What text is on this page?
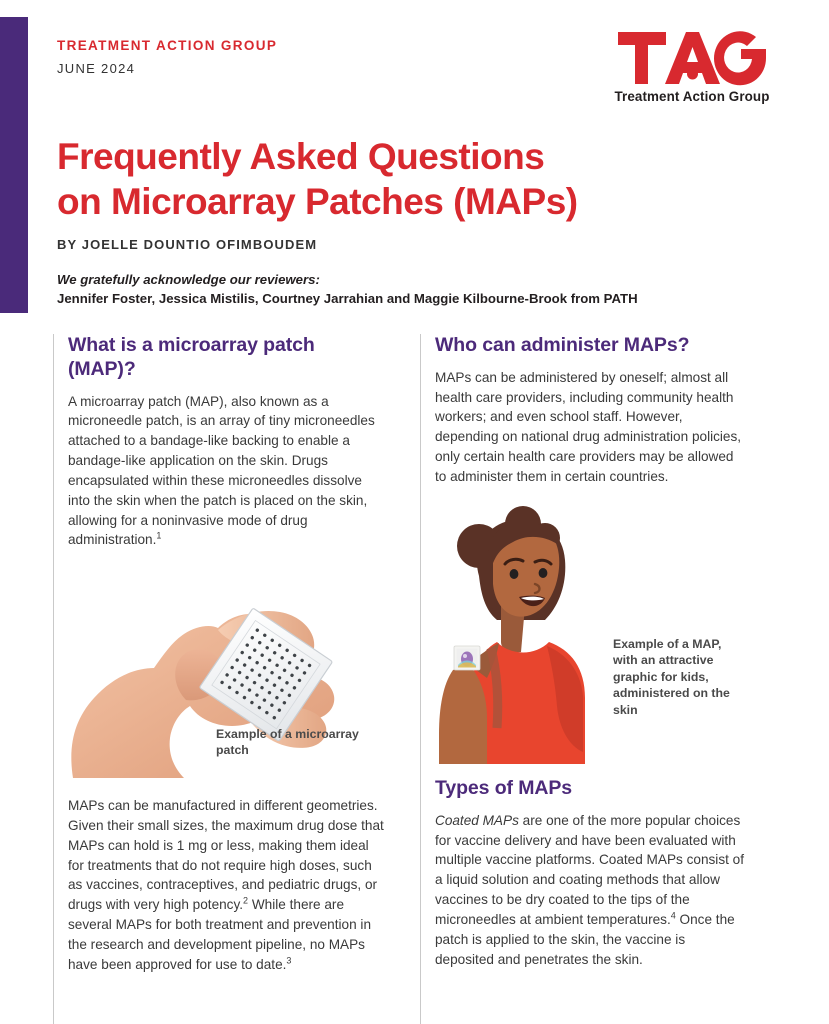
TREATMENT ACTION GROUP
JUNE 2024
Treatment Action Group
Frequently Asked Questions
on Microarray Patches (MAPs)
BY JOELLE DOUNTIO OFIMBOUDEM
We gratefully acknowledge our reviewers:
Jennifer Foster, Jessica Mistilis, Courtney Jarrahian and Maggie Kilbourne-Brook from PATH
What is a microarray patch (MAP)?

A microarray patch (MAP), also known as a microneedle patch, is an array of tiny microneedles attached to a bandage-like backing to enable a bandage-like application on the skin. Drugs encapsulated within these microneedles dissolve into the skin when the patch is placed on the skin, allowing for a noninvasive mode of drug administration.$^1$

Example of a microarray patch

MAPs can be manufactured in different geometries. Given their small sizes, the maximum drug dose that MAPs can hold is 1 mg or less, making them ideal for treatments that do not require high doses, such as vaccines, contraceptives, and pediatric drugs, or drugs with very high potency.$^2$ While there are several MAPs for both treatment and prevention in the research and development pipeline, no MAPs have been approved for use to date.$^3$

Who can administer MAPs?

MAPs can be administered by oneself; almost all health care providers, including community health workers; and even school staff. However, depending on national drug administration policies, only certain health care providers may be allowed to administer them in certain countries.

Example of a MAP, with an attractive graphic for kids, administered on the skin
Types of MAPs

Coated MAPs are one of the more popular choices for vaccine delivery and have been evaluated with multiple vaccine platforms. Coated MAPs consist of a liquid solution and coating methods that allow vaccines to be dry coated to the tips of the microneedles at ambient temperatures.$^4$ Once the patch is applied to the skin, the vaccine is deposited and penetrates the skin.
